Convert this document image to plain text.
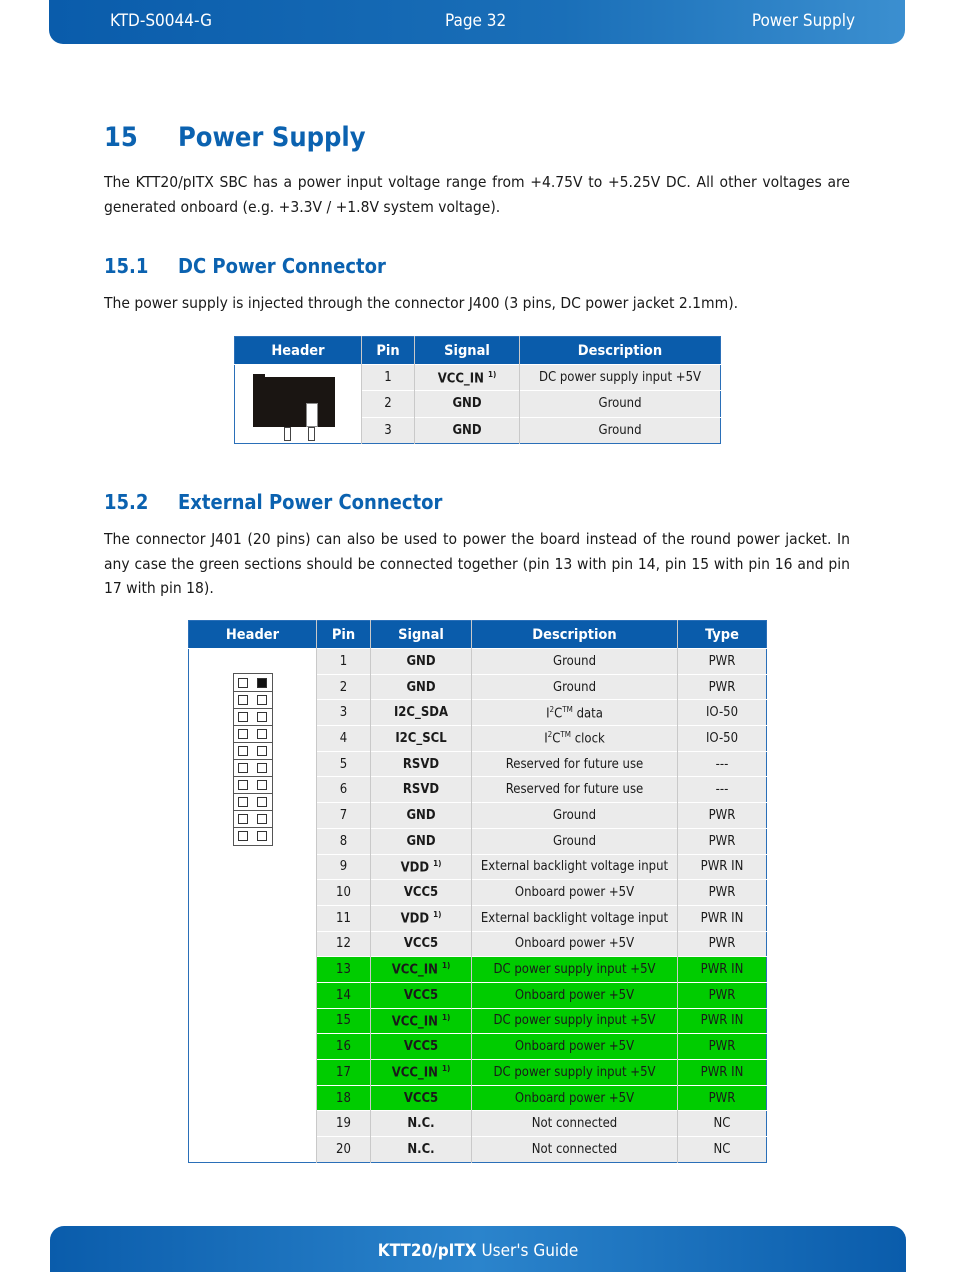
KTD-S0044-G	Page 32	Power Supply
15 Power Supply

The KTT20/pITX SBC has a power input voltage range from +4.75V to +5.25V DC. All other voltages are generated onboard (e.g. +3.3V / +1.8V system voltage).

15.1 DC Power Connector

The power supply is injected through the connector J400 (3 pins, DC power jacket 2.1mm).

Header	Pin	Signal	Description

	1	VCC_IN $^{1)}$	DC power supply input +5V
	2	GND	Ground
	3	GND	Ground
15.2 External Power Connector

The connector J401 (20 pins) can also be used to power the board instead of the round power jacket. In any case the green sections should be connected together (pin 13 with pin 14, pin 15 with pin 16 and pin 17 with pin 18).

Header	Pin	Signal	Description	Type

	1	GND	Ground	PWR
	2	GND	Ground	PWR
	3	I2C_SDA	$I^2C™$ data	IO-50
	4	I2C_SCL	$I^2C™$ clock	IO-50
	5	RSVD	Reserved for future use	---
	6	RSVD	Reserved for future use	---
	7	GND	Ground	PWR
	8	GND	Ground	PWR
	9	VDD $^{1)}$	External backlight voltage input	PWR IN
	10	VCC5	Onboard power +5V	PWR
	11	VDD $^{1)}$	External backlight voltage input	PWR IN
	12	VCC5	Onboard power +5V	PWR
	13	VCC_IN $^{1)}$	DC power supply input +5V	PWR IN
	14	VCC5	Onboard power +5V	PWR
	15	VCC_IN $^{1)}$	DC power supply input +5V	PWR IN
	16	VCC5	Onboard power +5V	PWR
	17	VCC_IN $^{1)}$	DC power supply input +5V	PWR IN
	18	VCC5	Onboard power +5V	PWR
	19	N.C.	Not connected	NC
	20	N.C.	Not connected	NC
KTT20/pITX User's Guide
